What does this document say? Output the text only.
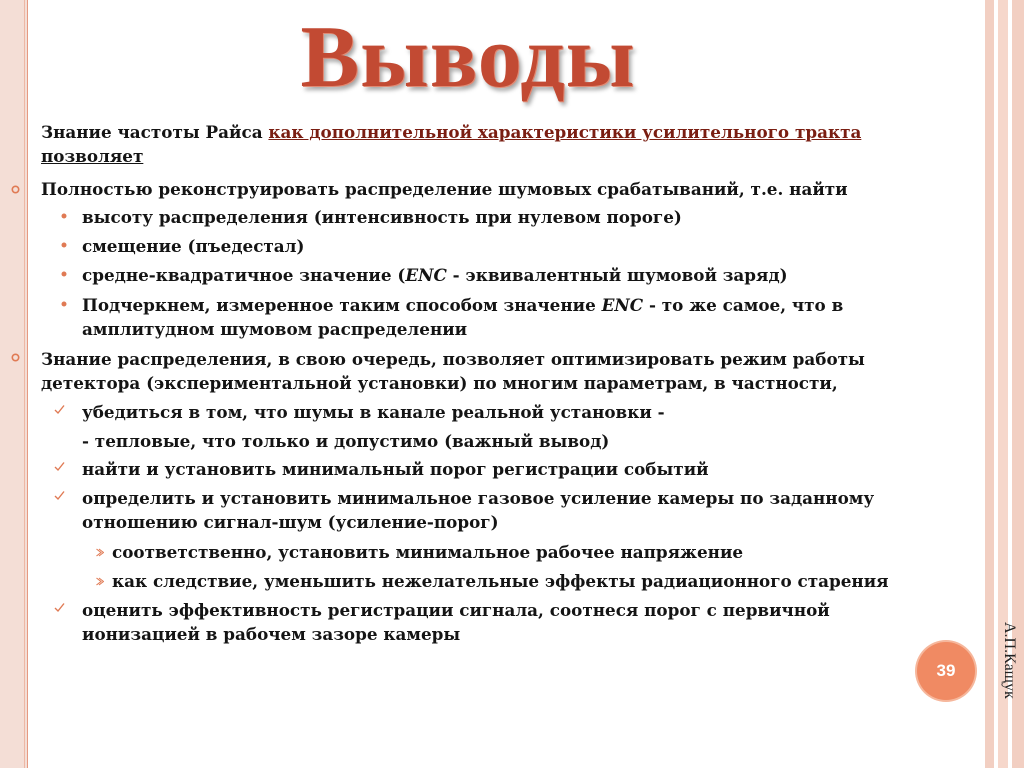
Выводы
Знание частоты Райса как дополнительной характеристики усилительного тракта
позволяет
Полностью реконструировать распределение шумовых срабатываний, т.е. найти
высоту распределения (интенсивность при нулевом пороге)
смещение (пъедестал)
средне-квадратичное значение (ENC - эквивалентный шумовой заряд)
Подчеркнем, измеренное таким способом значение ENC - то же самое, что в амплитудном шумовом распределении
Знание распределения, в свою очередь, позволяет оптимизировать режим работы детектора (экспериментальной установки) по многим параметрам, в частности,
убедиться в том, что шумы в канале реальной установки -
- тепловые, что только и допустимо (важный вывод)
найти и установить минимальный порог регистрации событий
определить и установить минимальное газовое усиление камеры по заданному отношению сигнал-шум (усиление-порог)
соответственно, установить минимальное рабочее напряжение
как следствие, уменьшить нежелательные эффекты радиационного старения
оценить эффективность регистрации сигнала, соотнеся порог с первичной ионизацией в рабочем зазоре камеры
39	А.П.Кащук
